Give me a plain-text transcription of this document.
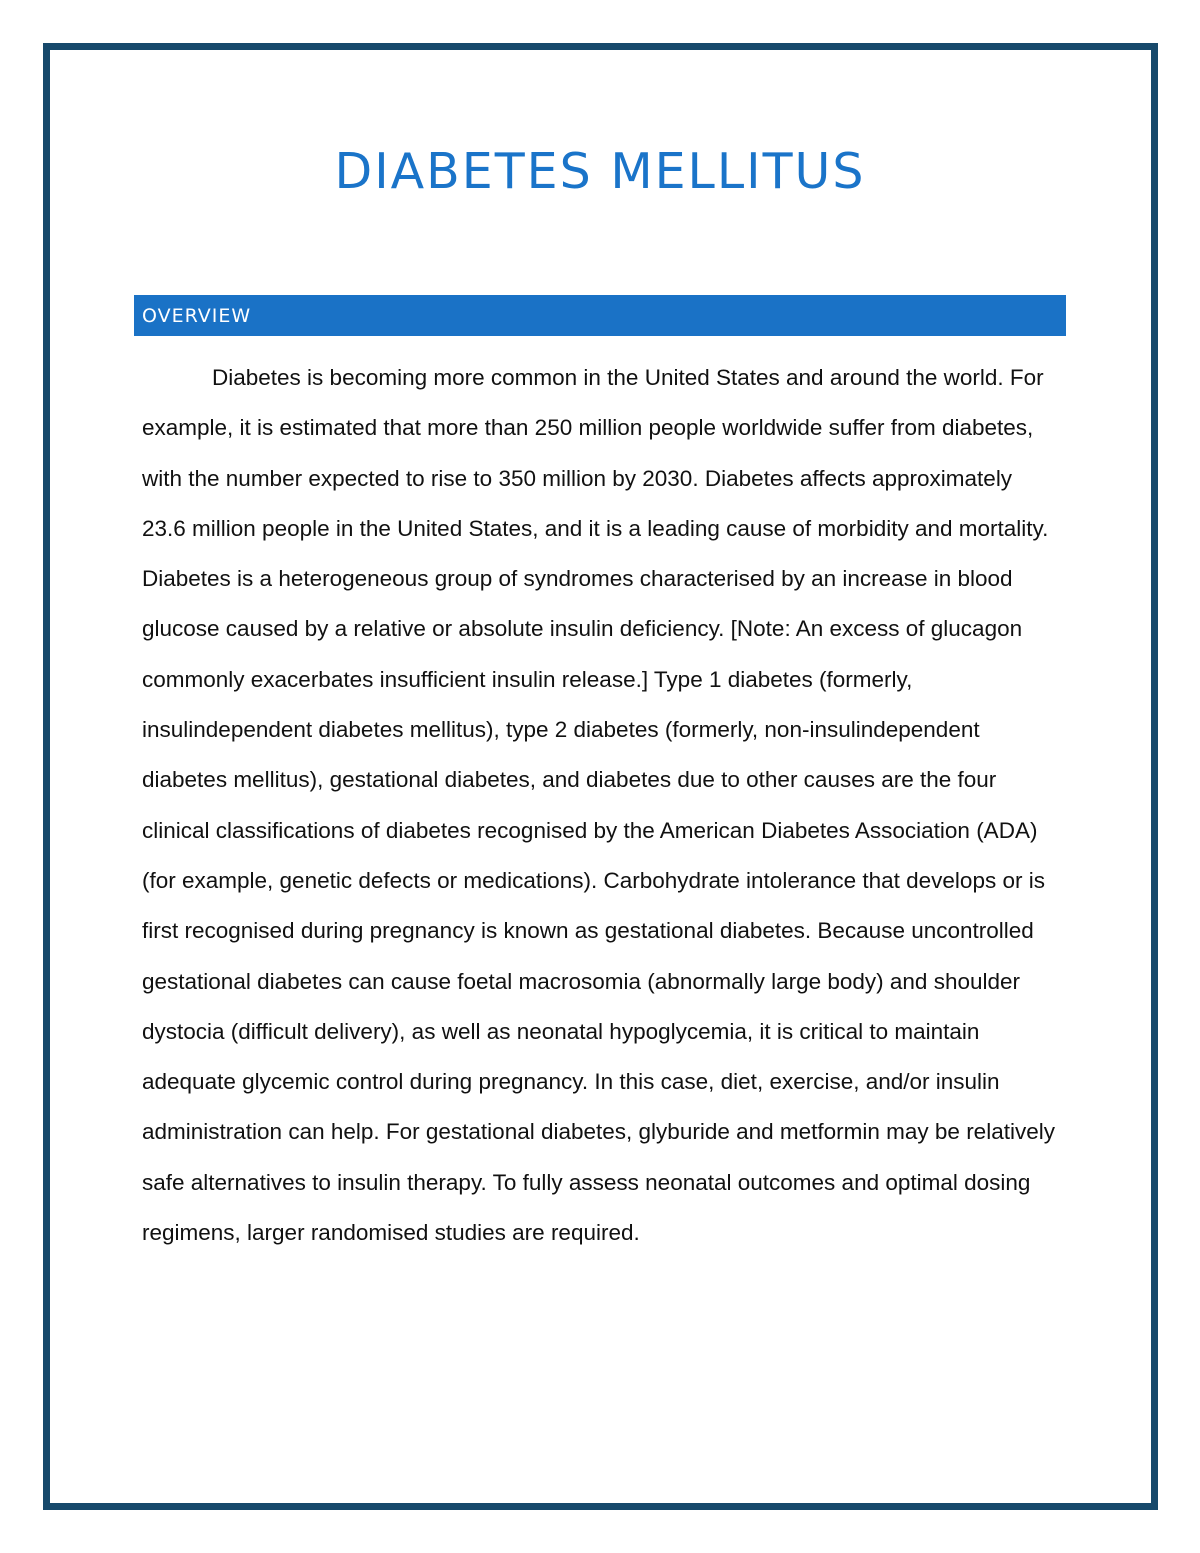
DIABETES MELLITUS
OVERVIEW

Diabetes is becoming more common in the United States and around the world. For example, it is estimated that more than 250 million people worldwide suffer from diabetes, with the number expected to rise to 350 million by 2030. Diabetes affects approximately 23.6 million people in the United States, and it is a leading cause of morbidity and mortality. Diabetes is a heterogeneous group of syndromes characterised by an increase in blood glucose caused by a relative or absolute insulin deficiency. [Note: An excess of glucagon commonly exacerbates insufficient insulin release.] Type 1 diabetes (formerly, insulindependent diabetes mellitus), type 2 diabetes (formerly, non-insulindependent diabetes mellitus), gestational diabetes, and diabetes due to other causes are the four clinical classifications of diabetes recognised by the American Diabetes Association (ADA) (for example, genetic defects or medications). Carbohydrate intolerance that develops or is first recognised during pregnancy is known as gestational diabetes. Because uncontrolled gestational diabetes can cause foetal macrosomia (abnormally large body) and shoulder dystocia (difficult delivery), as well as neonatal hypoglycemia, it is critical to maintain adequate glycemic control during pregnancy. In this case, diet, exercise, and/or insulin administration can help. For gestational diabetes, glyburide and metformin may be relatively safe alternatives to insulin therapy. To fully assess neonatal outcomes and optimal dosing regimens, larger randomised studies are required.
